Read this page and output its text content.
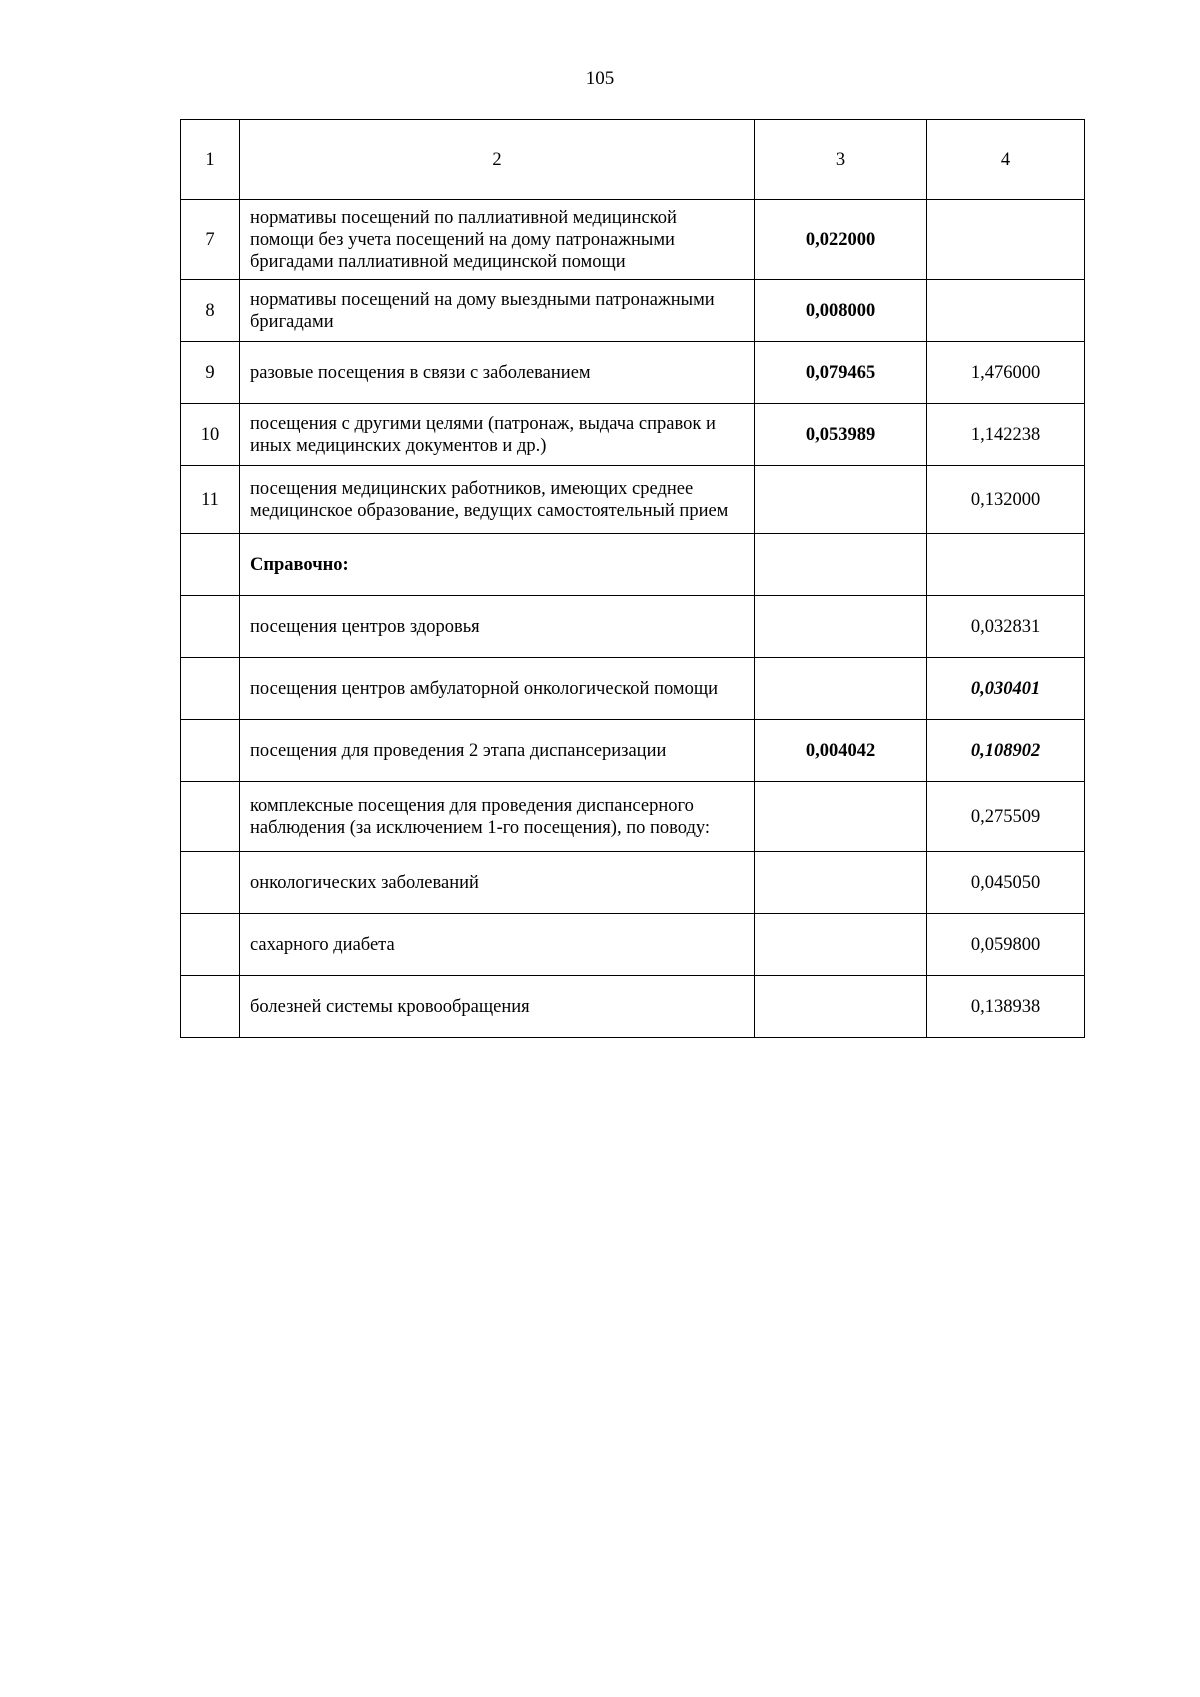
105
1	2	3	4
7	нормативы посещений по паллиативной медицинской помощи без учета посещений на дому патронажными бригадами паллиативной медицинской помощи	0,022000	
8	нормативы посещений на дому выездными патронажными бригадами	0,008000	
9	разовые посещения в связи с заболеванием	0,079465	1,476000
10	посещения с другими целями (патронаж, выдача справок и иных медицинских документов и др.)	0,053989	1,142238
11	посещения медицинских работников, имеющих среднее медицинское образование, ведущих самостоятельный прием		0,132000
	Справочно:		
	посещения центров здоровья		0,032831
	посещения центров амбулаторной онкологической помощи		0,030401
	посещения для проведения 2 этапа диспансеризации	0,004042	0,108902
	комплексные посещения для проведения диспансерного наблюдения (за исключением 1-го посещения), по поводу:		0,275509
	онкологических заболеваний		0,045050
	сахарного диабета		0,059800
	болезней системы кровообращения		0,138938
